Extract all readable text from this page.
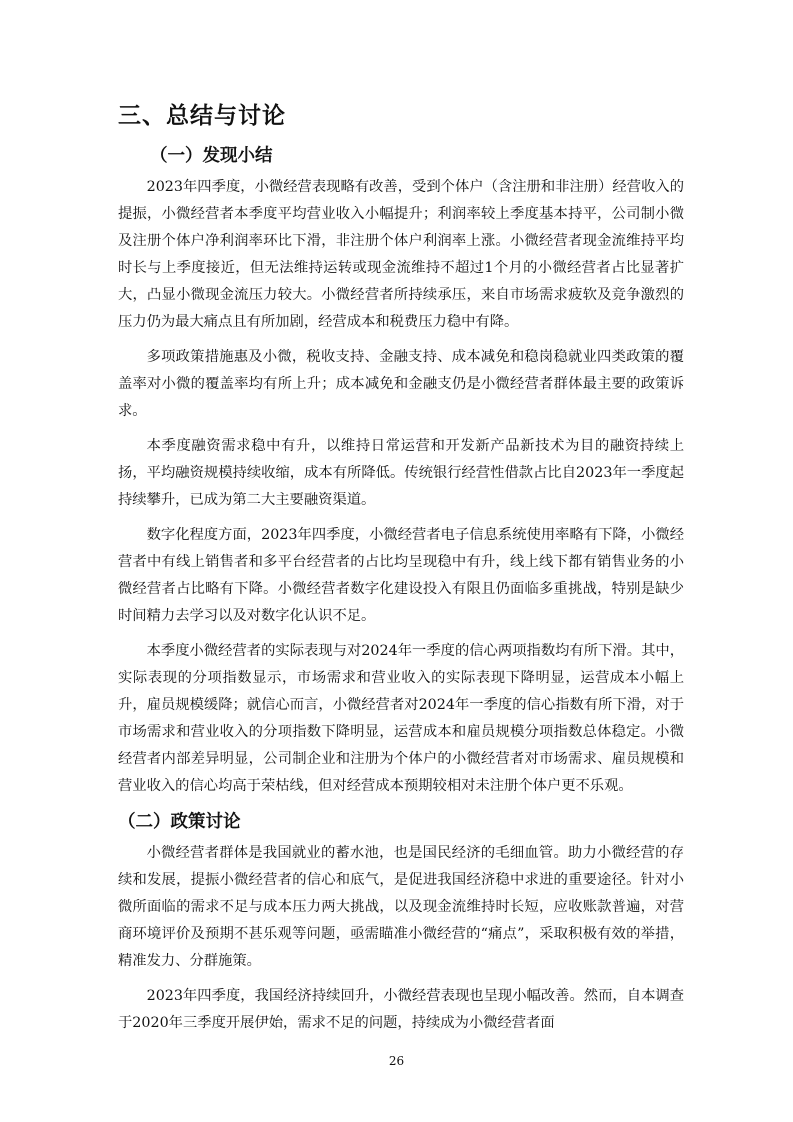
三、总结与讨论
（一）发现小结

2023年四季度，小微经营表现略有改善，受到个体户（含注册和非注册）经营收入的提振，小微经营者本季度平均营业收入小幅提升；利润率较上季度基本持平，公司制小微及注册个体户净利润率环比下滑，非注册个体户利润率上涨。小微经营者现金流维持平均时长与上季度接近，但无法维持运转或现金流维持不超过1个月的小微经营者占比显著扩大，凸显小微现金流压力较大。小微经营者所持续承压，来自市场需求疲软及竞争激烈的压力仍为最大痛点且有所加剧，经营成本和税费压力稳中有降。

多项政策措施惠及小微，税收支持、金融支持、成本减免和稳岗稳就业四类政策的覆盖率对小微的覆盖率均有所上升；成本减免和金融支仍是小微经营者群体最主要的政策诉求。

本季度融资需求稳中有升，以维持日常运营和开发新产品新技术为目的融资持续上扬，平均融资规模持续收缩，成本有所降低。传统银行经营性借款占比自2023年一季度起持续攀升，已成为第二大主要融资渠道。

数字化程度方面，2023年四季度，小微经营者电子信息系统使用率略有下降，小微经营者中有线上销售者和多平台经营者的占比均呈现稳中有升，线上线下都有销售业务的小微经营者占比略有下降。小微经营者数字化建设投入有限且仍面临多重挑战，特别是缺少时间精力去学习以及对数字化认识不足。

本季度小微经营者的实际表现与对2024年一季度的信心两项指数均有所下滑。其中，实际表现的分项指数显示，市场需求和营业收入的实际表现下降明显，运营成本小幅上升，雇员规模缓降；就信心而言，小微经营者对2024年一季度的信心指数有所下滑，对于市场需求和营业收入的分项指数下降明显，运营成本和雇员规模分项指数总体稳定。小微经营者内部差异明显，公司制企业和注册为个体户的小微经营者对市场需求、雇员规模和营业收入的信心均高于荣枯线，但对经营成本预期较相对未注册个体户更不乐观。

（二）政策讨论

小微经营者群体是我国就业的蓄水池，也是国民经济的毛细血管。助力小微经营的存续和发展，提振小微经营者的信心和底气，是促进我国经济稳中求进的重要途径。针对小微所面临的需求不足与成本压力两大挑战，以及现金流维持时长短，应收账款普遍，对营商环境评价及预期不甚乐观等问题，亟需瞄准小微经营的“痛点”，采取积极有效的举措，精准发力、分群施策。

2023年四季度，我国经济持续回升，小微经营表现也呈现小幅改善。然而，自本调查于2020年三季度开展伊始，需求不足的问题，持续成为小微经营者面

26
